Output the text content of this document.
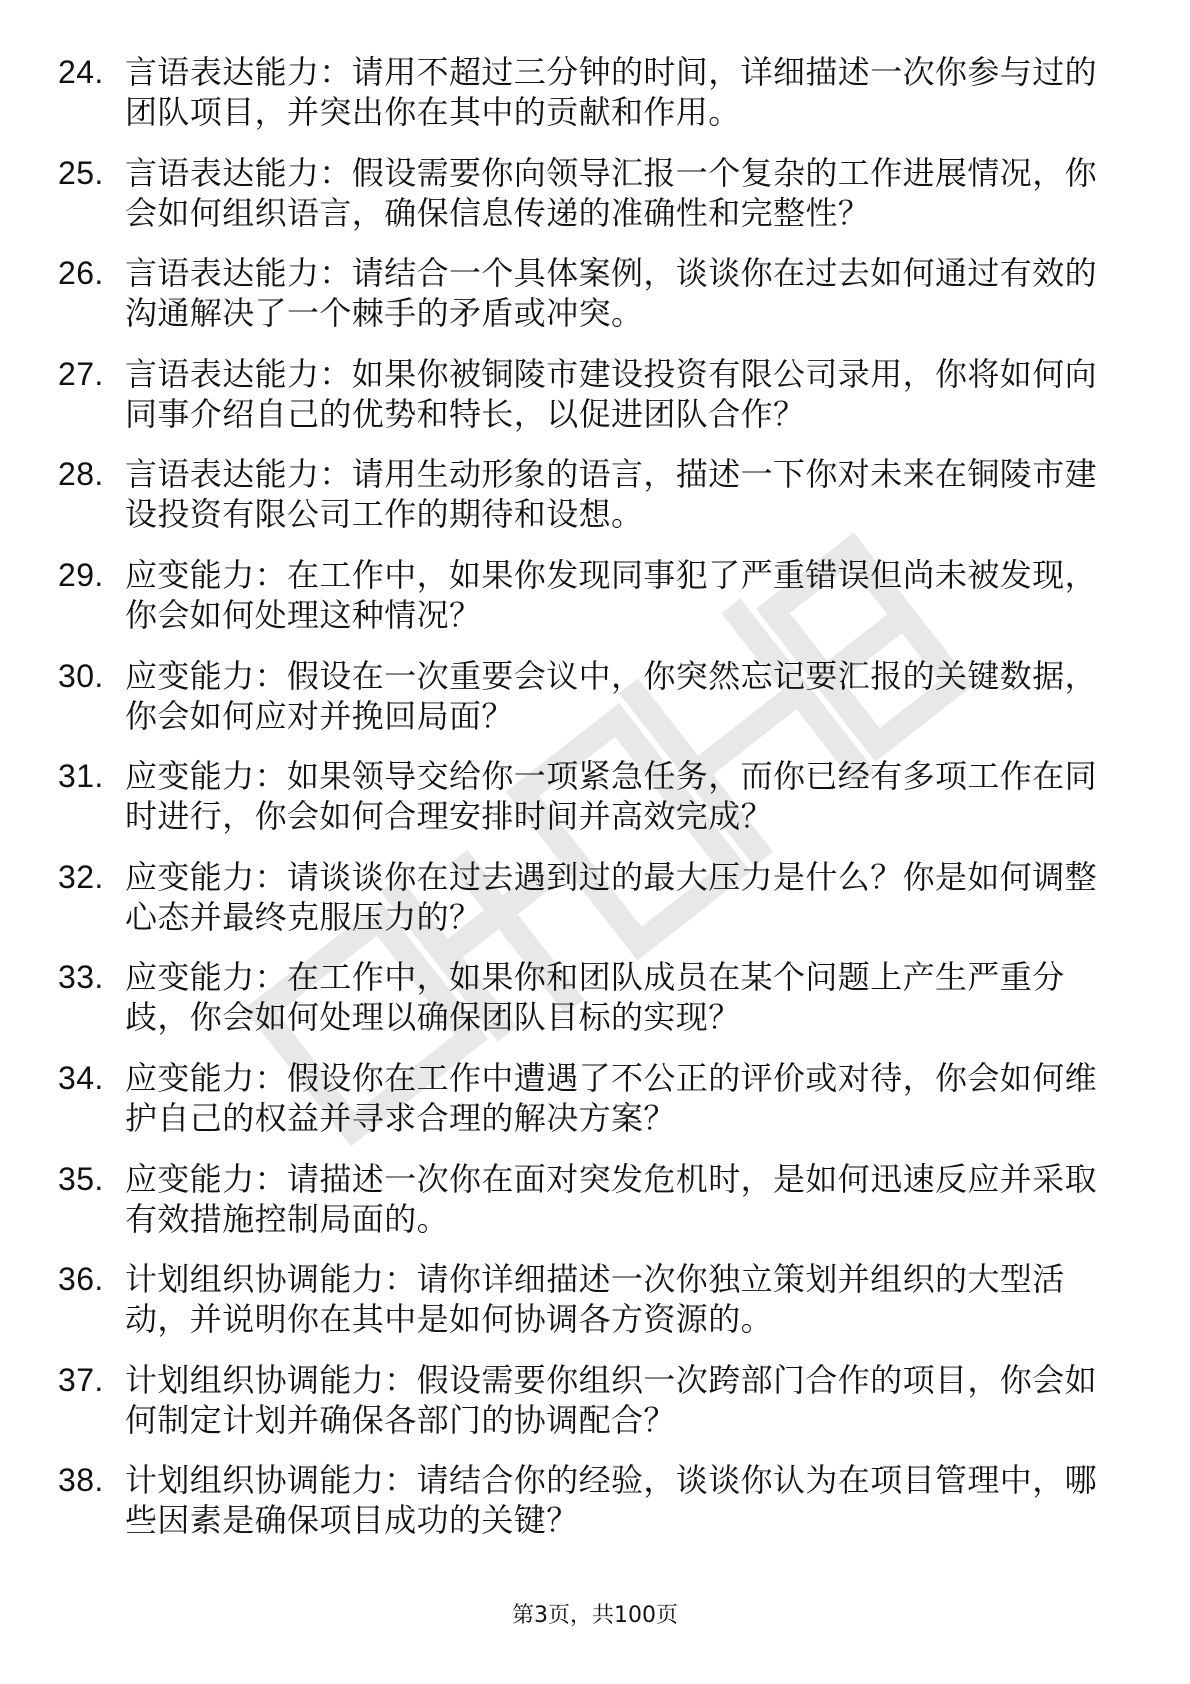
24. 言语表达能力：请用不超过三分钟的时间，详细描述一次你参与过的团队项目，并突出你在其中的贡献和作用。
25. 言语表达能力：假设需要你向领导汇报一个复杂的工作进展情况，你会如何组织语言，确保信息传递的准确性和完整性？
26. 言语表达能力：请结合一个具体案例，谈谈你在过去如何通过有效的沟通解决了一个棘手的矛盾或冲突。
27. 言语表达能力：如果你被铜陵市建设投资有限公司录用，你将如何向同事介绍自己的优势和特长，以促进团队合作？
28. 言语表达能力：请用生动形象的语言，描述一下你对未来在铜陵市建设投资有限公司工作的期待和设想。
29. 应变能力：在工作中，如果你发现同事犯了严重错误但尚未被发现，你会如何处理这种情况？
30. 应变能力：假设在一次重要会议中，你突然忘记要汇报的关键数据，你会如何应对并挽回局面？
31. 应变能力：如果领导交给你一项紧急任务，而你已经有多项工作在同时进行，你会如何合理安排时间并高效完成？
32. 应变能力：请谈谈你在过去遇到过的最大压力是什么？你是如何调整心态并最终克服压力的？
33. 应变能力：在工作中，如果你和团队成员在某个问题上产生严重分歧，你会如何处理以确保团队目标的实现？
34. 应变能力：假设你在工作中遭遇了不公正的评价或对待，你会如何维护自己的权益并寻求合理的解决方案？
35. 应变能力：请描述一次你在面对突发危机时，是如何迅速反应并采取有效措施控制局面的。
36. 计划组织协调能力：请你详细描述一次你独立策划并组织的大型活动，并说明你在其中是如何协调各方资源的。
37. 计划组织协调能力：假设需要你组织一次跨部门合作的项目，你会如何制定计划并确保各部门的协调配合？
38. 计划组织协调能力：请结合你的经验，谈谈你认为在项目管理中，哪些因素是确保项目成功的关键？
第3页，共100页
